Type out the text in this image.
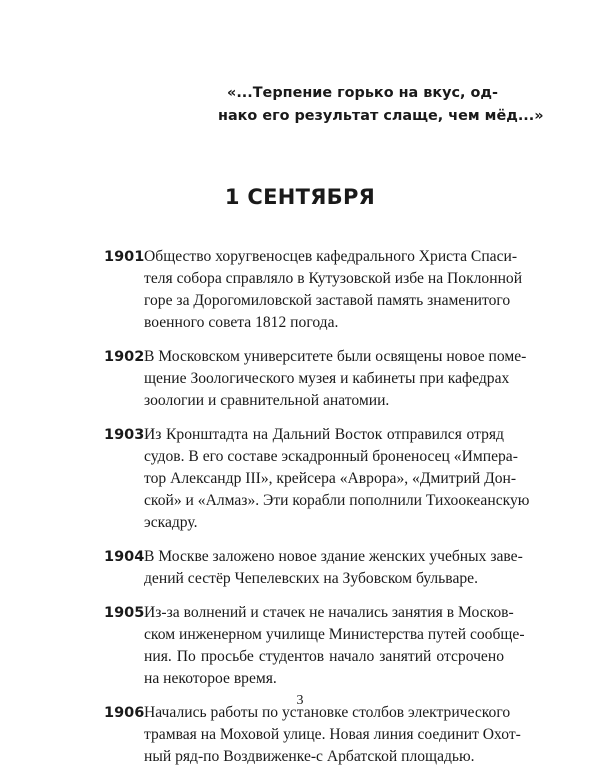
«...Терпение горько на вкус, од-
нако его результат слаще, чем мёд...»
1 СЕНТЯБРЯ
1901 Общество хоругвеносцев кафедрального Христа Спаси-
теля собора справляло в Кутузовской избе на Поклонной
горе за Дорогомиловской заставой память знаменитого
военного совета 1812 погода.
1902 В Московском университете были освящены новое поме-
щение Зоологического музея и кабинеты при кафедрах
зоологии и сравнительной анатомии.
1903 Из Кронштадта на Дальний Восток отправился отряд
судов. В его составе эскадронный броненосец «Импера-
тор Александр III», крейсера «Аврора», «Дмитрий Дон-
ской» и «Алмаз». Эти корабли пополнили Тихоокеанскую
эскадру.
1904 В Москве заложено новое здание женских учебных заве-
дений сестёр Чепелевских на Зубовском бульваре.
1905 Из-за волнений и стачек не начались занятия в Москов-
ском инженерном училище Министерства путей сообще-
ния. По просьбе студентов начало занятий отсрочено
на некоторое время.
1906 Начались работы по установке столбов электрического
трамвая на Моховой улице. Новая линия соединит Охот-
ный ряд-по Воздвиженке-с Арбатской площадью.
3
